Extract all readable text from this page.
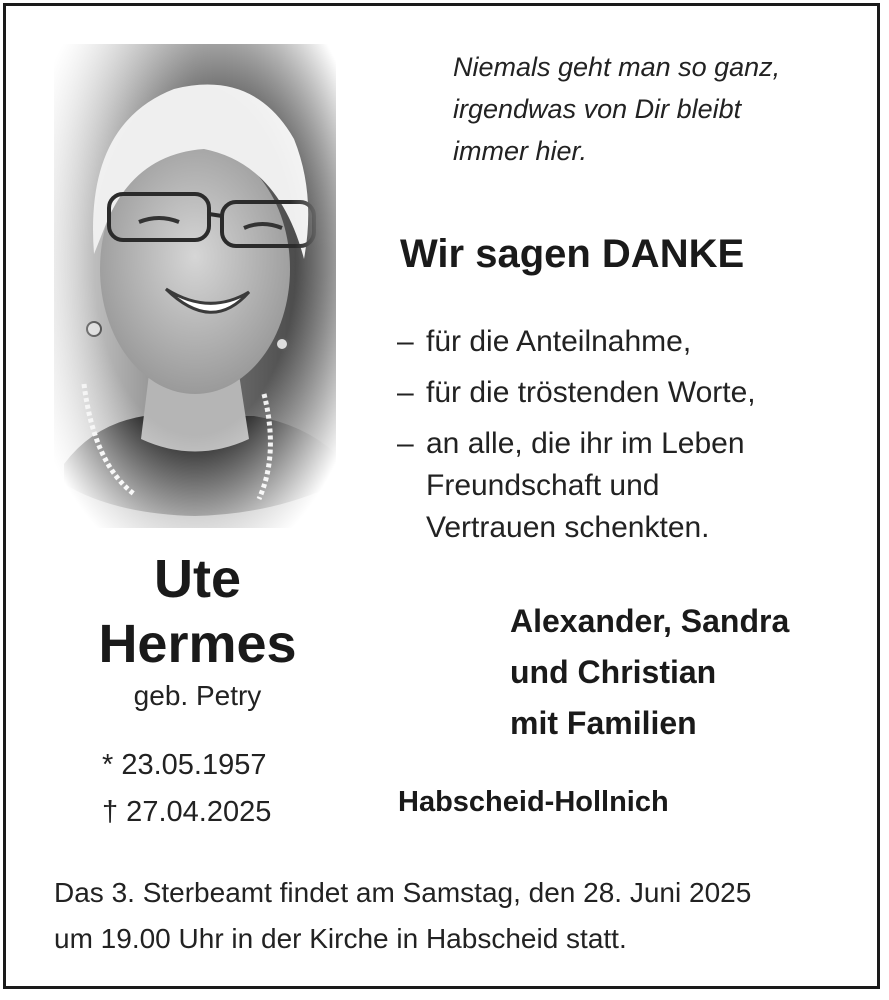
Niemals geht man so ganz,
irgendwas von Dir bleibt
immer hier.
Wir sagen DANKE
– für die Anteilnahme,
– für die tröstenden Worte,
– an alle, die ihr im Leben
Freundschaft und
Vertrauen schenkten.
Ute
Hermes
geb. Petry
* 23.05.1957
† 27.04.2025
Alexander, Sandra
und Christian
mit Familien
Habscheid-Hollnich
Das 3. Sterbeamt findet am Samstag, den 28. Juni 2025
um 19.00 Uhr in der Kirche in Habscheid statt.
